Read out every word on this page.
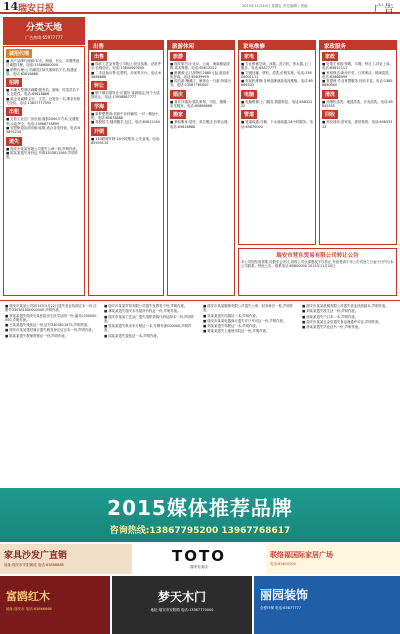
14 瑞安日报	2015年11月20日 星期五 责任编辑 / 美编	广告
分类天地
广告热线:65977777
诚招代理
■ 高产品牌代理商:本市、海滨、东山、莘塍等地区诚招代理。电话:13566880000
■ 销售代理:公司诚招区域代理商若干名,待遇优厚。电话:65816688
招聘
■ 本地大型酒店诚聘:服务员、厨师、传菜员若干名,包吃住。电话:65618866
■ 某企业诚聘:会计、文员、仓管各一名,要求有相关经验。电话:13857777555
出租
■ 万松工业区厂房出租:面积2000平方米,交通便利,水电齐全。电话:13968778899
■ 安阳街道店面出租:临街,适合各类经营。电话:65891234
遗失
■ 瑞安市某某有限公司遗失公章一枚,声明作废。
■ 陈某某遗失身份证,号码3303811985,声明作废。
出售
出售
■ 瑞祥工艺品有限公司转让:营业执照、设备齐全,价格面议。电话:13600000000
■ 二手设备出售:注塑机、冲床等多台。电话:65886688
转让
■ 塘下镇店面转让:位置好,客源稳定,因个人原因转让。电话:13958887777
学海
■ 新梦想教育:初高中各科辅导,一对一精品小班。电话:65678888
■ 驾校招生:随到随学,包过。电话:65812345
开锁
■ 110联网开锁:24小时服务,公安备案。电话:65555110
旅游休闲
旅游
■ 瑞安旅行社:北京、云南、海南精品线路,周末特惠。电话:65812222
■ 港澳游:五日游特价2880元起,欢迎来电咨询。电话:65839999
■ 周边游:楠溪江、雁荡山一日游,每周出发。电话:13587760000
婚庆
■ 喜洋洋婚庆:婚礼策划、司仪、摄像一条龙服务。电话:65866666
搬家
■ 蚂蚁搬家:居民、单位搬迁,价格合理。电话:65818888
家电维修
家电
■ 专业维修空调、冰箱、洗衣机、热水器,上门服务。电话:65877777
■ 空调加氟、移机、清洗,价格实惠。电话:13600001111
■ 电视机维修:各种品牌液晶电视维修。电话:65866333
电脑
■ 电脑维修:上门服务,数据恢复。电话:65822222
管道
■ 管道疏通:马桶、下水道疏通,24小时服务。电话:65870000
家政服务
家政
■ 好帮手家政:保姆、月嫂、钟点工,持证上岗。电话:65811111
■ 家庭保洁:新房开荒、日常保洁、玻璃清洗。电话:65866999
■ 育婴师:专业育婴服务,经验丰富。电话:13858880000
清洗
■ 油烟机清洗、地毯清洗、沙发清洗。电话:65855555
回收
■ 高价回收:旧家电、废旧物资。电话:65833333
瑞安市营东贸易有限公司转让公告
本公司因经营需要,经股东会决议,拟将公司全部股权予以转让,有意者请于本公告刊登之日起十日内与本公司联系。特此公告。联系电话:65800000 2015年11月20日
■ 瑞安市某某公司2014年5月22日遗失营业执照正本一份,注册号330381000000000,声明作废。
■ 李某某遗失瑞安市某医院出生医学证明一份,编号L330000000,声明作废。
■ 王某某遗失残疾证一份,证号3303811975,声明作废。
■ 瑞安市某某建材商行遗失税务登记证正本一份,声明作废。
■ 陈某某遗失教师资格证一份,声明作废。
■ 瑞安市某某贸易有限公司遗失发票若干份,声明作废。
■ 林某某遗失瑞安市房屋所有权证一份,声明作废。
■ 瑞安市某某工艺品厂遗失组织机构代码证副本一份,声明作废。
■ 张某某遗失机动车行驶证一本,车牌号浙C00000,声明作废。
■ 周某某遗失退伍证一本,声明作废。
■ 瑞安市某某服饰有限公司遗失公章、财务章各一枚,声明作废。
■ 吴某某遗失结婚证一本,声明作废。
■ 瑞安市某某电器商行遗失开户许可证一份,声明作废。
■ 郑某某遗失驾驶证一本,声明作废。
■ 黄某某遗失土地使用权证一份,声明作废。
■ 瑞安市某某机械有限公司遗失营业执照副本,声明作废。
■ 刘某某遗失准生证一份,声明作废。
■ 杨某某遗失户口本一本,声明作废。
■ 瑞安市某某五金店遗失食品流通许可证,声明作废。
■ 徐某某遗失毕业证书一份,声明作废。
2015媒体推荐品牌
咨询热线:13867795200 13967768617
家具沙发广直销
地址:瑞安市安阳街道 电话:65866688	TOTO
瑞安专卖店
联络福国际家居广场
电话:65810000
富鸥红木
地址:瑞安市 电话:65866666
梦天木门
地址:瑞安市安阳路 电话:13587770000
丽园装饰
全程环保 电话:65877777
